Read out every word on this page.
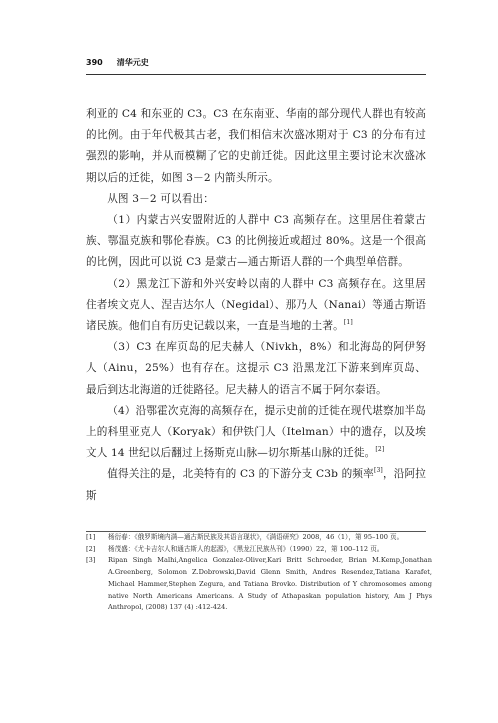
390 清华元史

利亚的 C4 和东亚的 C3。C3 在东南亚、华南的部分现代人群也有较高的比例。由于年代极其古老，我们相信末次盛冰期对于 C3 的分布有过强烈的影响，并从而模糊了它的史前迁徙。因此这里主要讨论末次盛冰期以后的迁徙，如图 3－2 内箭头所示。

从图 3－2 可以看出：

（1）内蒙古兴安盟附近的人群中 C3 高频存在。这里居住着蒙古族、鄂温克族和鄂伦春族。C3 的比例接近或超过 80%。这是一个很高的比例，因此可以说 C3 是蒙古—通古斯语人群的一个典型单倍群。

（2）黑龙江下游和外兴安岭以南的人群中 C3 高频存在。这里居住者埃文克人、涅吉达尔人（Negidal）、那乃人（Nanai）等通古斯语诸民族。他们自有历史记载以来，一直是当地的土著。[1]

（3）C3 在库页岛的尼夫赫人（Nivkh，8%）和北海岛的阿伊努人（Ainu，25%）也有存在。这提示 C3 沿黑龙江下游来到库页岛、最后到达北海道的迁徙路径。尼夫赫人的语言不属于阿尔泰语。

（4）沿鄂霍次克海的高频存在，提示史前的迁徙在现代堪察加半岛上的科里亚克人（Koryak）和伊铁门人（Itelman）中的遗存，以及埃文人 14 世纪以后翻过上扬斯克山脉—切尔斯基山脉的迁徙。[2]

值得关注的是，北美特有的 C3 的下游分支 C3b 的频率[3]，沿阿拉斯

[1]	杨衍春：《俄罗斯境内满—通古斯民族及其语言现状》，《满语研究》2008，46（1），第 95–100 页。
[2]	杨茂盛：《尤卡吉尔人和通古斯人的起源》，《黑龙江民族丛刊》（1990）22，第 100–112 页。
[3]	Ripan Singh Malhi,Angelica Gonzalez-Oliver,Kari Britt Schroeder, Brian M.Kemp,Jonathan A.Greenberg, Solomon Z.Dobrowski,David Glenn Smith, Andres Resendez,Tatiana Karafet, Michael Hammer,Stephen Zegura, and Tatiana Brovko. Distribution of Y chromosomes among native North Americans Americans. A Study of Athapaskan population history, Am J Phys Anthropol, (2008) 137 (4) :412-424.
